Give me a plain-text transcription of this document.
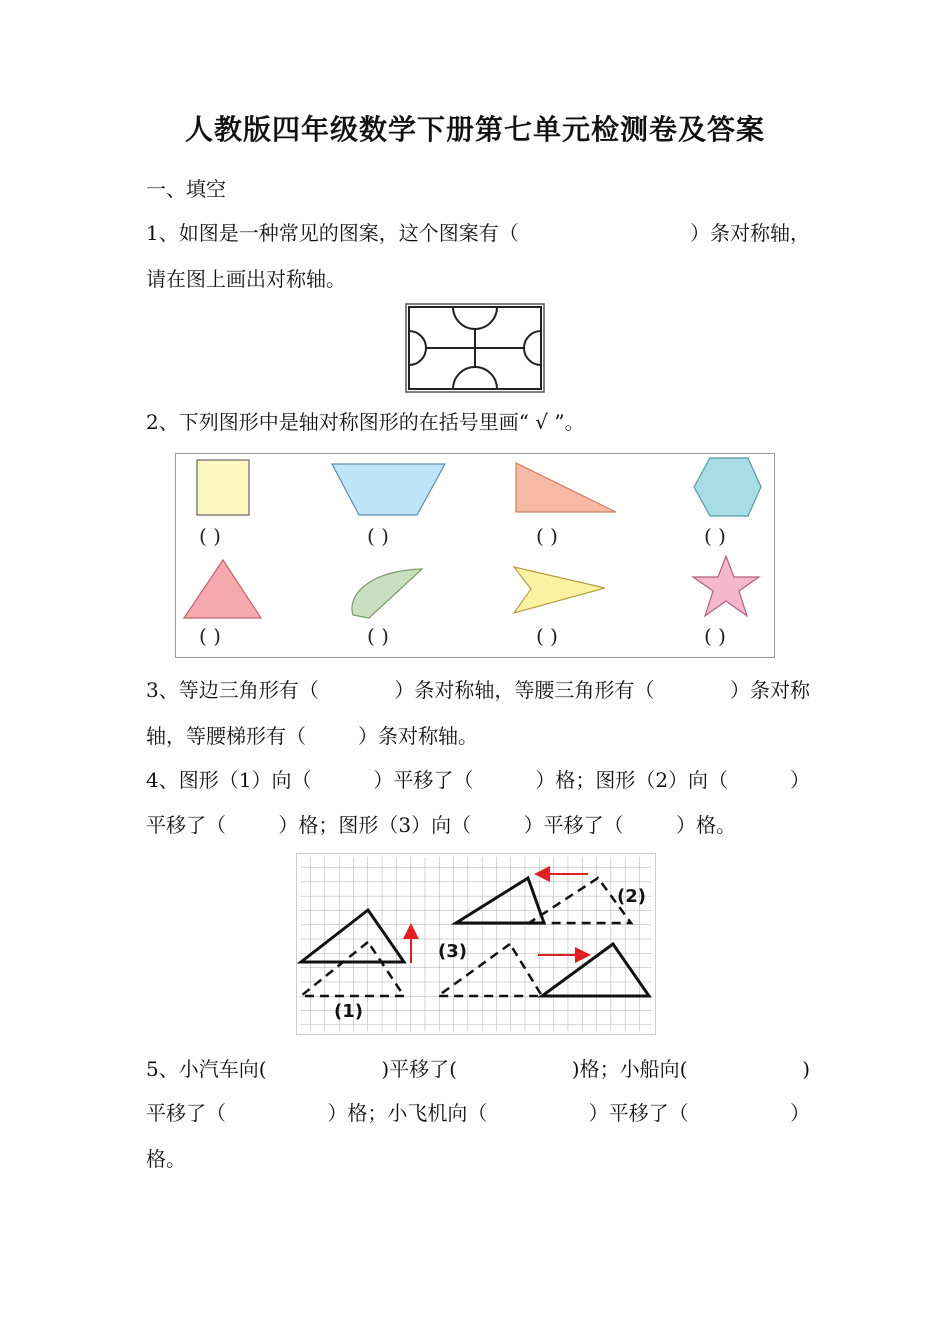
人教版四年级数学下册第七单元检测卷及答案
一、填空
1、如图是一种常见的图案，这个图案有（	）条对称轴，
请在图上画出对称轴。
2、下列图形中是轴对称图形的在括号里画“ √ ”。
( )	( )	( )	( )
( )	( )	( )	( )
3、等边三角形有（	）条对称轴，等腰三角形有（	）条对称
轴，等腰梯形有（	）条对称轴。
4、图形（1）向（	）平移了（	）格；图形（2）向（	）
平移了（	）格；图形（3）向（	）平移了（	）格。
(1)
(2)
(3)
5、小汽车向(	)平移了(	)格；小船向(	)
平移了（	）格；小飞机向（	）平移了（	）
格。
